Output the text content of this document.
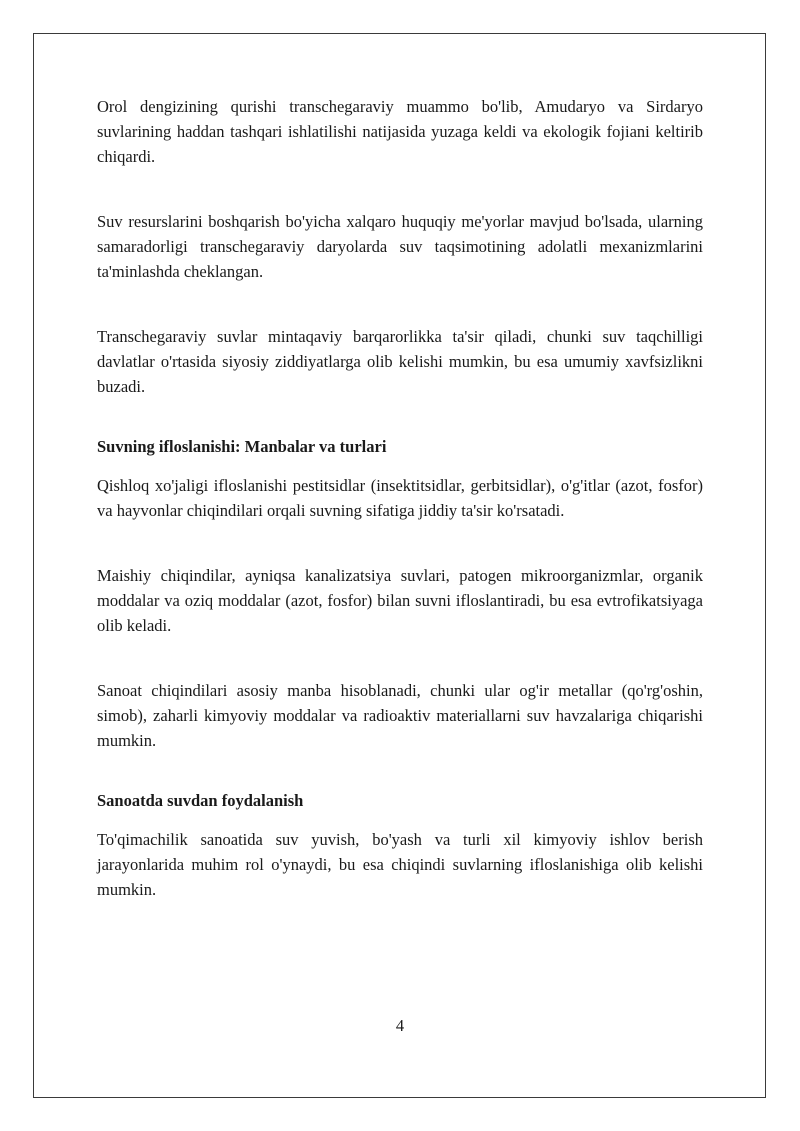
Orol dengizining qurishi transchegaraviy muammo bo'lib, Amudaryo va Sirdaryo suvlarining haddan tashqari ishlatilishi natijasida yuzaga keldi va ekologik fojiani keltirib chiqardi.

Suv resurslarini boshqarish bo'yicha xalqaro huquqiy me'yorlar mavjud bo'lsada, ularning samaradorligi transchegaraviy daryolarda suv taqsimotining adolatli mexanizmlarini ta'minlashda cheklangan.

Transchegaraviy suvlar mintaqaviy barqarorlikka ta'sir qiladi, chunki suv taqchilligi davlatlar o'rtasida siyosiy ziddiyatlarga olib kelishi mumkin, bu esa umumiy xavfsizlikni buzadi.

Suvning ifloslanishi: Manbalar va turlari

Qishloq xo'jaligi ifloslanishi pestitsidlar (insektitsidlar, gerbitsidlar), o'g'itlar (azot, fosfor) va hayvonlar chiqindilari orqali suvning sifatiga jiddiy ta'sir ko'rsatadi.

Maishiy chiqindilar, ayniqsa kanalizatsiya suvlari, patogen mikroorganizmlar, organik moddalar va oziq moddalar (azot, fosfor) bilan suvni ifloslantiradi, bu esa evtrofikatsiyaga olib keladi.

Sanoat chiqindilari asosiy manba hisoblanadi, chunki ular og'ir metallar (qo'rg'oshin, simob), zaharli kimyoviy moddalar va radioaktiv materiallarni suv havzalariga chiqarishi mumkin.

Sanoatda suvdan foydalanish

To'qimachilik sanoatida suv yuvish, bo'yash va turli xil kimyoviy ishlov berish jarayonlarida muhim rol o'ynaydi, bu esa chiqindi suvlarning ifloslanishiga olib kelishi mumkin.

4
